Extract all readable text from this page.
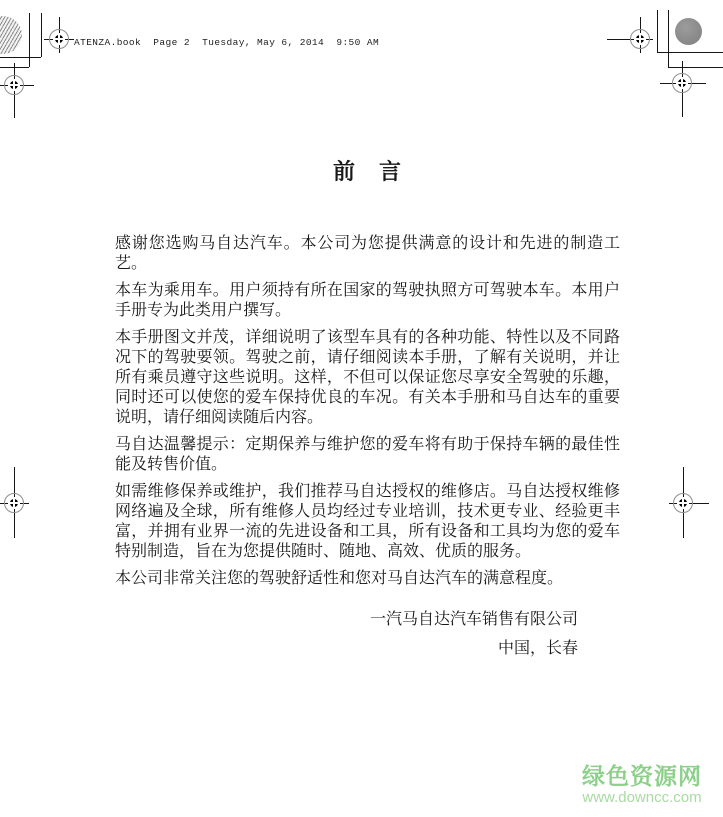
ATENZA.book  Page 2  Tuesday, May 6, 2014  9:50 AM
前　言

感谢您选购马自达汽车。本公司为您提供满意的设计和先进的制造工艺。

本车为乘用车。用户须持有所在国家的驾驶执照方可驾驶本车。本用户手册专为此类用户撰写。

本手册图文并茂，详细说明了该型车具有的各种功能、特性以及不同路况下的驾驶要领。驾驶之前，请仔细阅读本手册，了解有关说明，并让所有乘员遵守这些说明。这样，不但可以保证您尽享安全驾驶的乐趣，同时还可以使您的爱车保持优良的车况。有关本手册和马自达车的重要说明，请仔细阅读随后内容。

马自达温馨提示：定期保养与维护您的爱车将有助于保持车辆的最佳性能及转售价值。

如需维修保养或维护，我们推荐马自达授权的维修店。马自达授权维修网络遍及全球，所有维修人员均经过专业培训，技术更专业、经验更丰富，并拥有业界一流的先进设备和工具，所有设备和工具均为您的爱车特别制造，旨在为您提供随时、随地、高效、优质的服务。

本公司非常关注您的驾驶舒适性和您对马自达汽车的满意程度。

一汽马自达汽车销售有限公司
中国，长春
绿色资源网
www.downcc.com
